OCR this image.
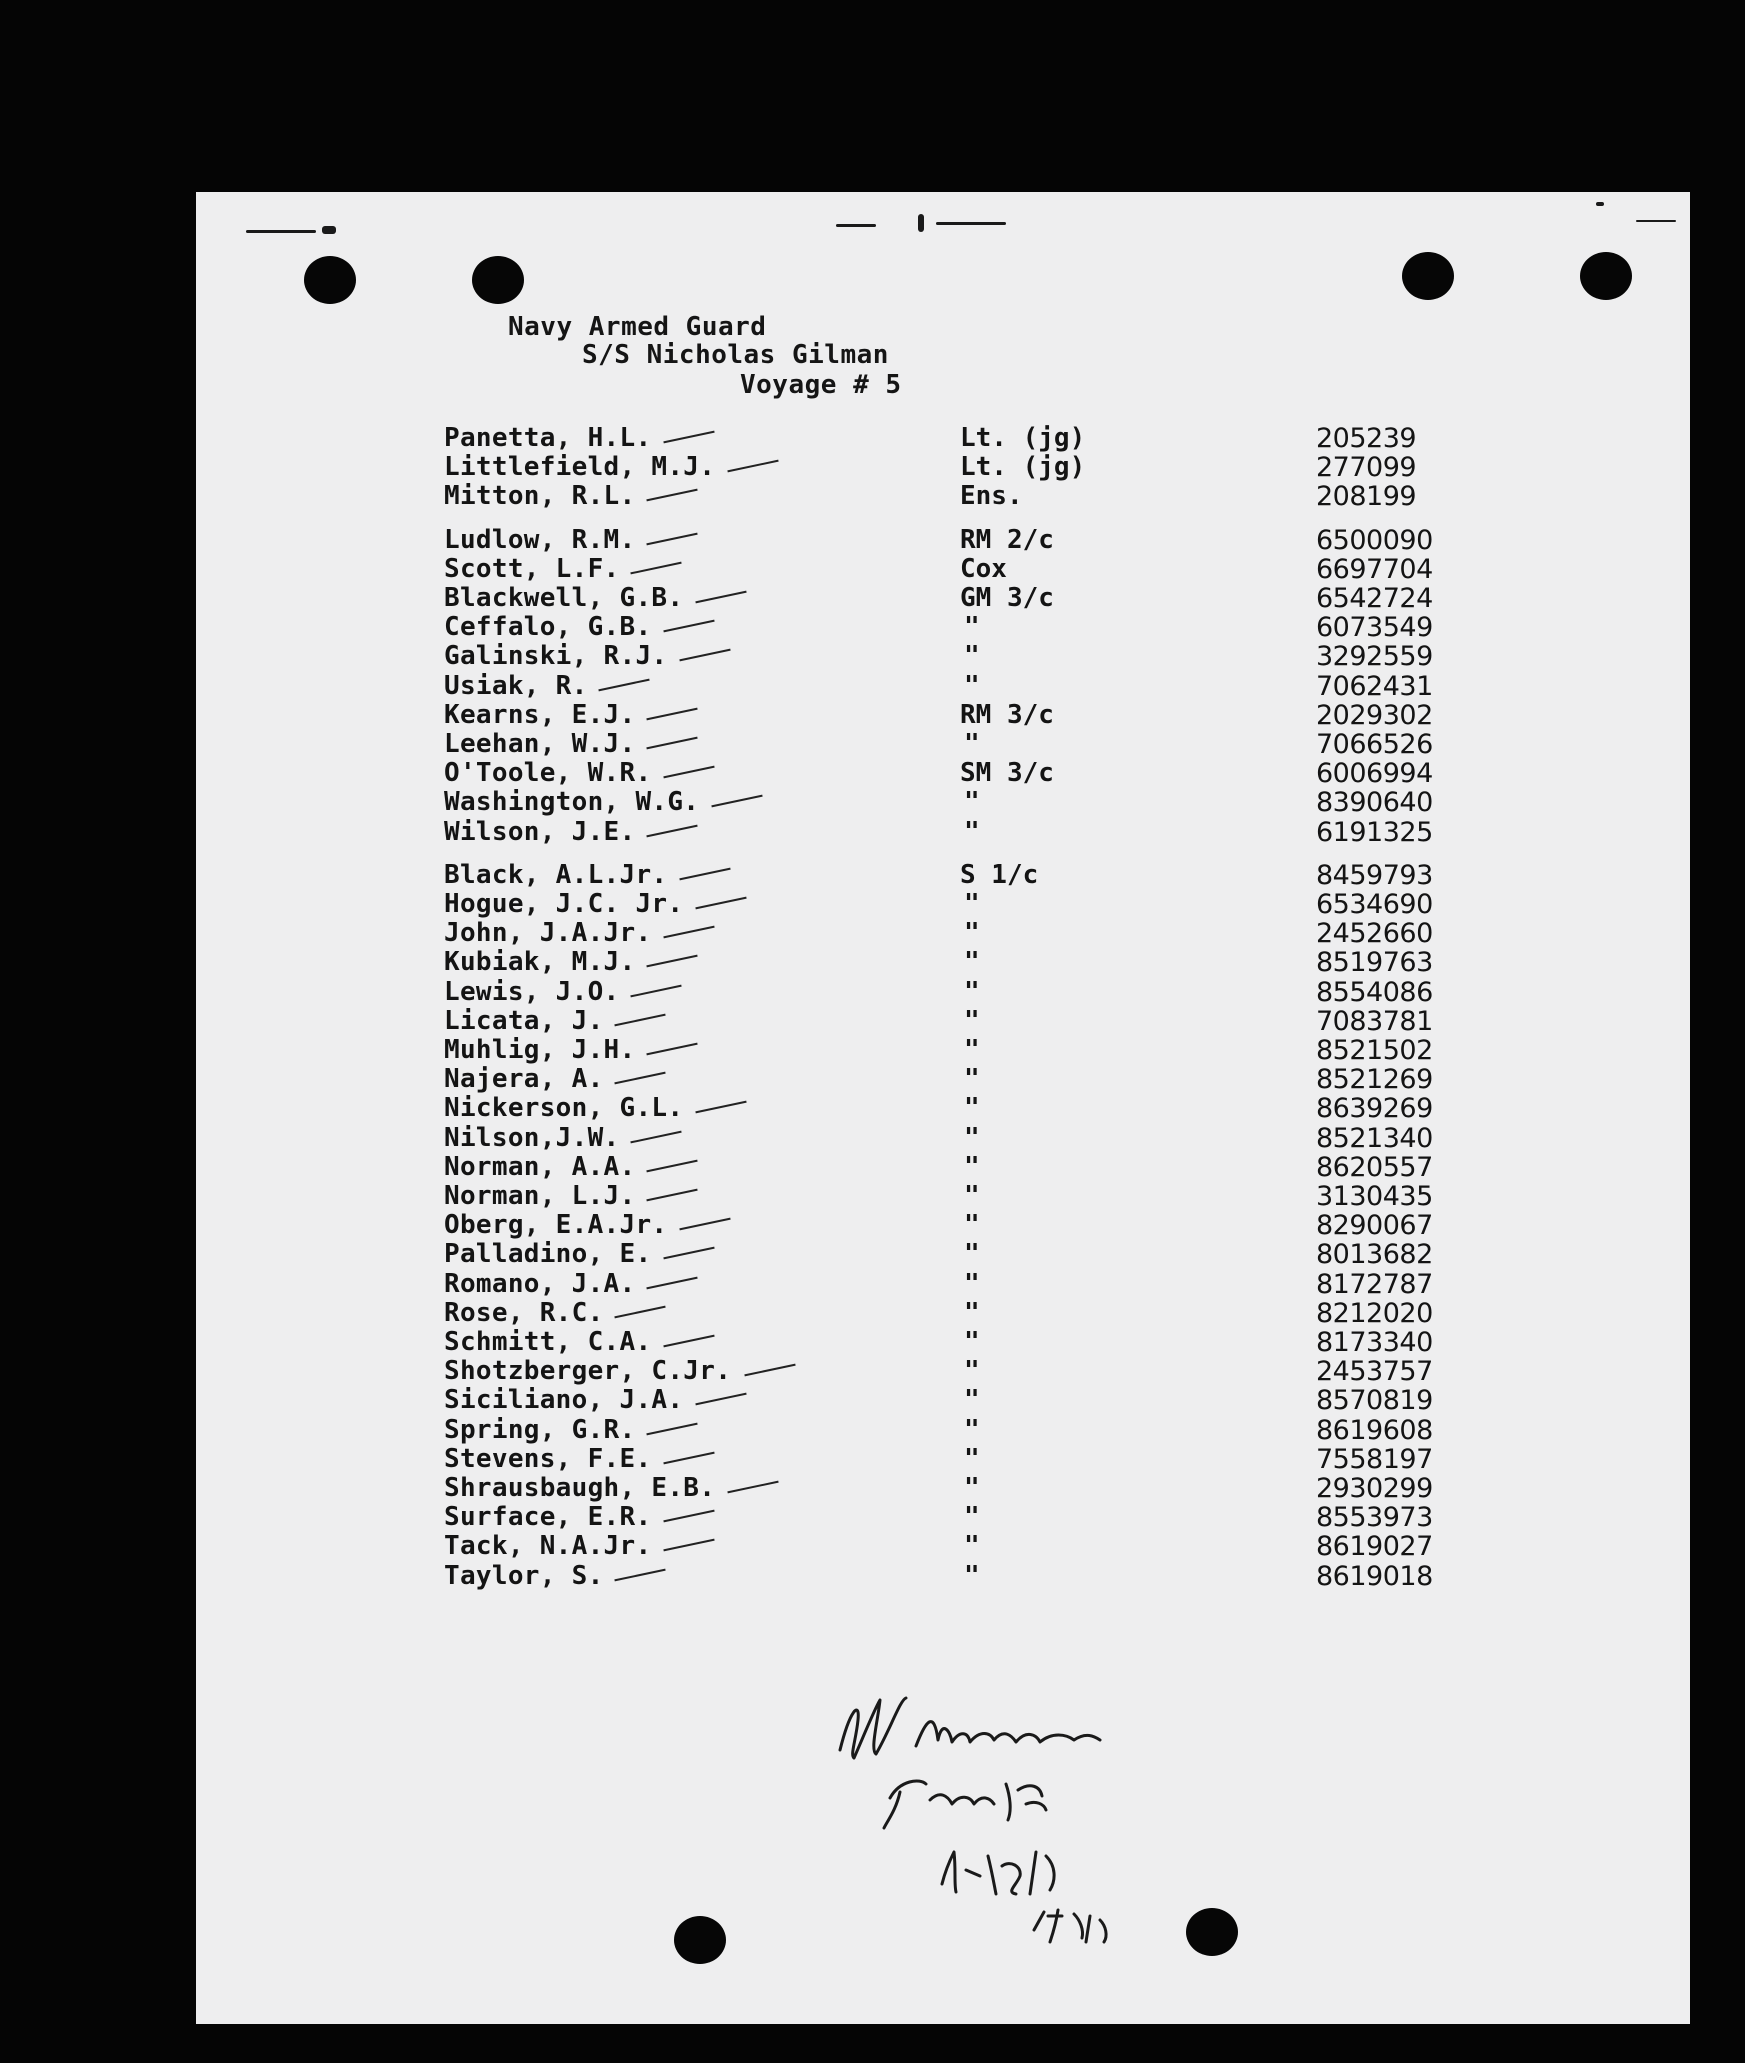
Navy Armed Guard
S/S Nicholas Gilman
Voyage # 5
Panetta, H.L.	Lt. (jg)	205239
Littlefield, M.J.	Lt. (jg)	277099
Mitton, R.L.	Ens.	208199
Ludlow, R.M.	RM 2/c	6500090
Scott, L.F.	Cox	6697704
Blackwell, G.B.	GM 3/c	6542724
Ceffalo, G.B.	"	6073549
Galinski, R.J.	"	3292559
Usiak, R.	"	7062431
Kearns, E.J.	RM 3/c	2029302
Leehan, W.J.	"	7066526
O'Toole, W.R.	SM 3/c	6006994
Washington, W.G.	"	8390640
Wilson, J.E.	"	6191325
Black, A.L.Jr.	S 1/c	8459793
Hogue, J.C. Jr.	"	6534690
John, J.A.Jr.	"	2452660
Kubiak, M.J.	"	8519763
Lewis, J.O.	"	8554086
Licata, J.	"	7083781
Muhlig, J.H.	"	8521502
Najera, A.	"	8521269
Nickerson, G.L.	"	8639269
Nilson,J.W.	"	8521340
Norman, A.A.	"	8620557
Norman, L.J.	"	3130435
Oberg, E.A.Jr.	"	8290067
Palladino, E.	"	8013682
Romano, J.A.	"	8172787
Rose, R.C.	"	8212020
Schmitt, C.A.	"	8173340
Shotzberger, C.Jr.	"	2453757
Siciliano, J.A.	"	8570819
Spring, G.R.	"	8619608
Stevens, F.E.	"	7558197
Shrausbaugh, E.B.	"	2930299
Surface, E.R.	"	8553973
Tack, N.A.Jr.	"	8619027
Taylor, S.	"	8619018
